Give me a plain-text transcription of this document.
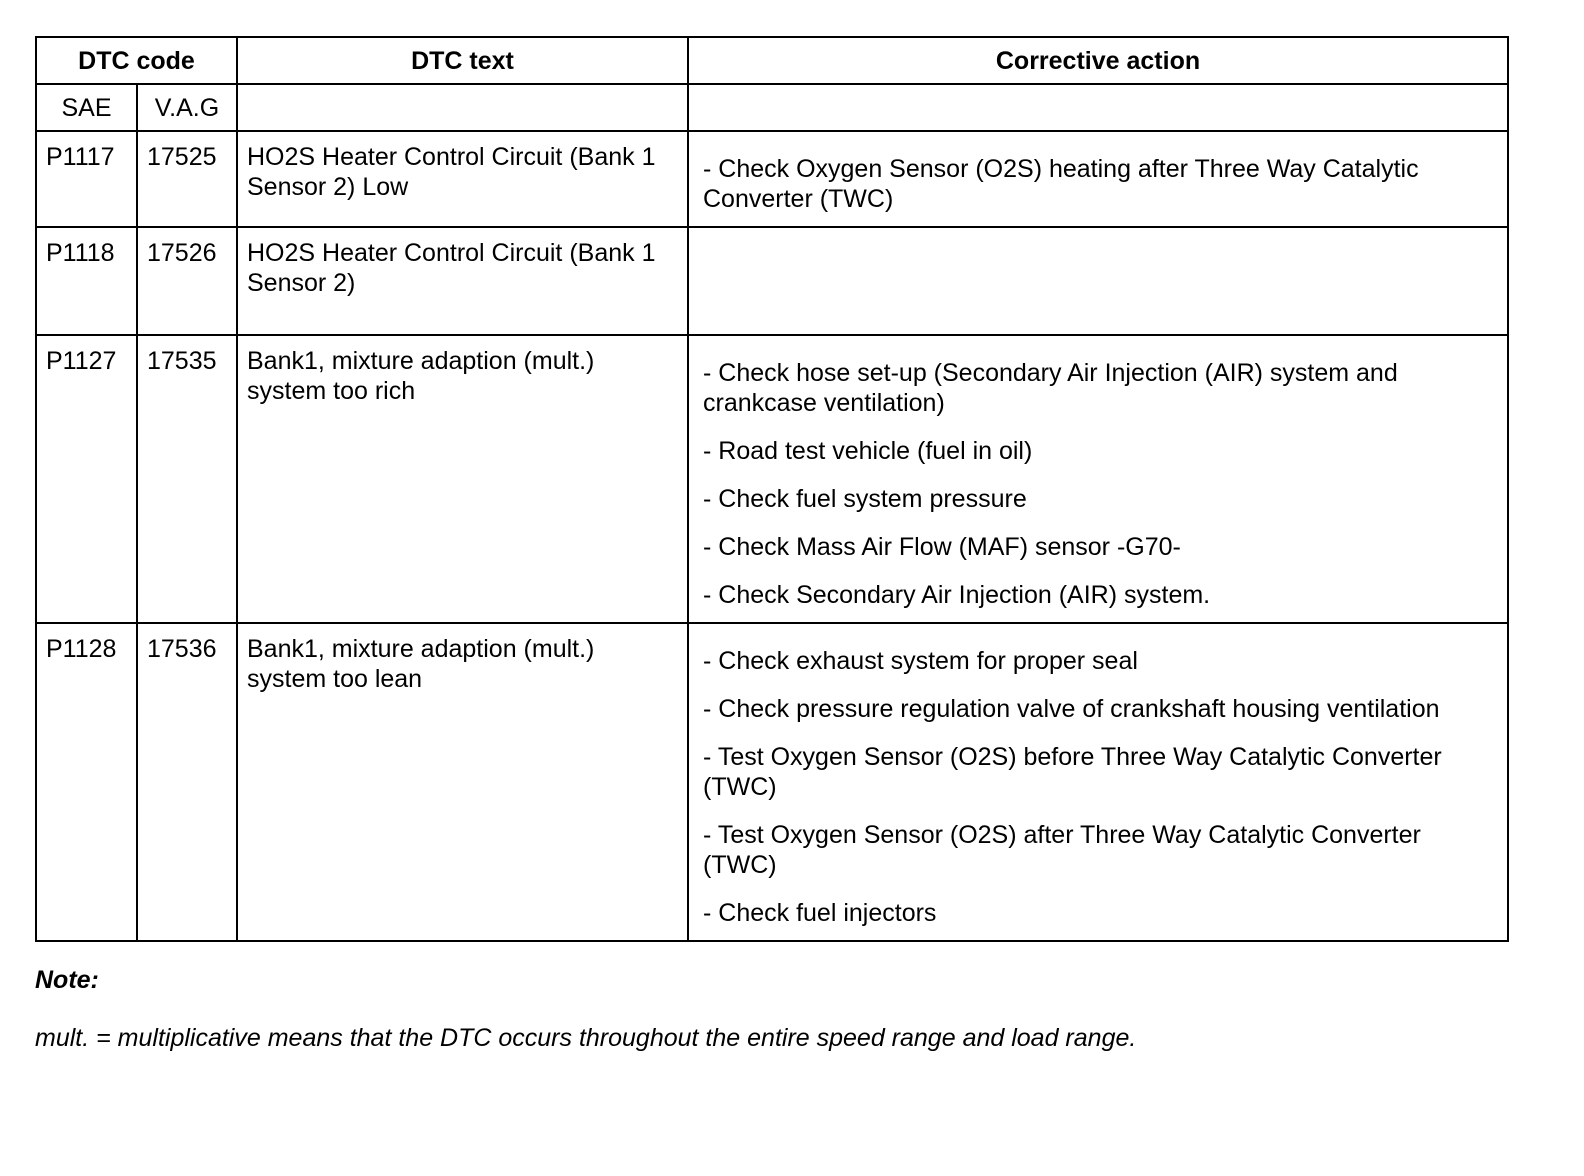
DTC code		DTC text	Corrective action
SAE	V.A.G		
P1117	17525	HO2S Heater Control Circuit (Bank 1 Sensor 2) Low	- Check Oxygen Sensor (O2S) heating after Three Way Catalytic Converter (TWC)

P1118	17526	HO2S Heater Control Circuit (Bank 1 Sensor 2)	
P1127	17535	Bank1, mixture adaption (mult.) system too rich	- Check hose set-up (Secondary Air Injection (AIR) system and crankcase ventilation)
- Road test vehicle (fuel in oil)
- Check fuel system pressure
- Check Mass Air Flow (MAF) sensor -G70-
- Check Secondary Air Injection (AIR) system.

P1128	17536	Bank1, mixture adaption (mult.) system too lean	- Check exhaust system for proper seal
- Check pressure regulation valve of crankshaft housing ventilation
- Test Oxygen Sensor (O2S) before Three Way Catalytic Converter (TWC)
- Test Oxygen Sensor (O2S) after Three Way Catalytic Converter (TWC)
- Check fuel injectors
Note:
mult. = multiplicative means that the DTC occurs throughout the entire speed range and load range.
